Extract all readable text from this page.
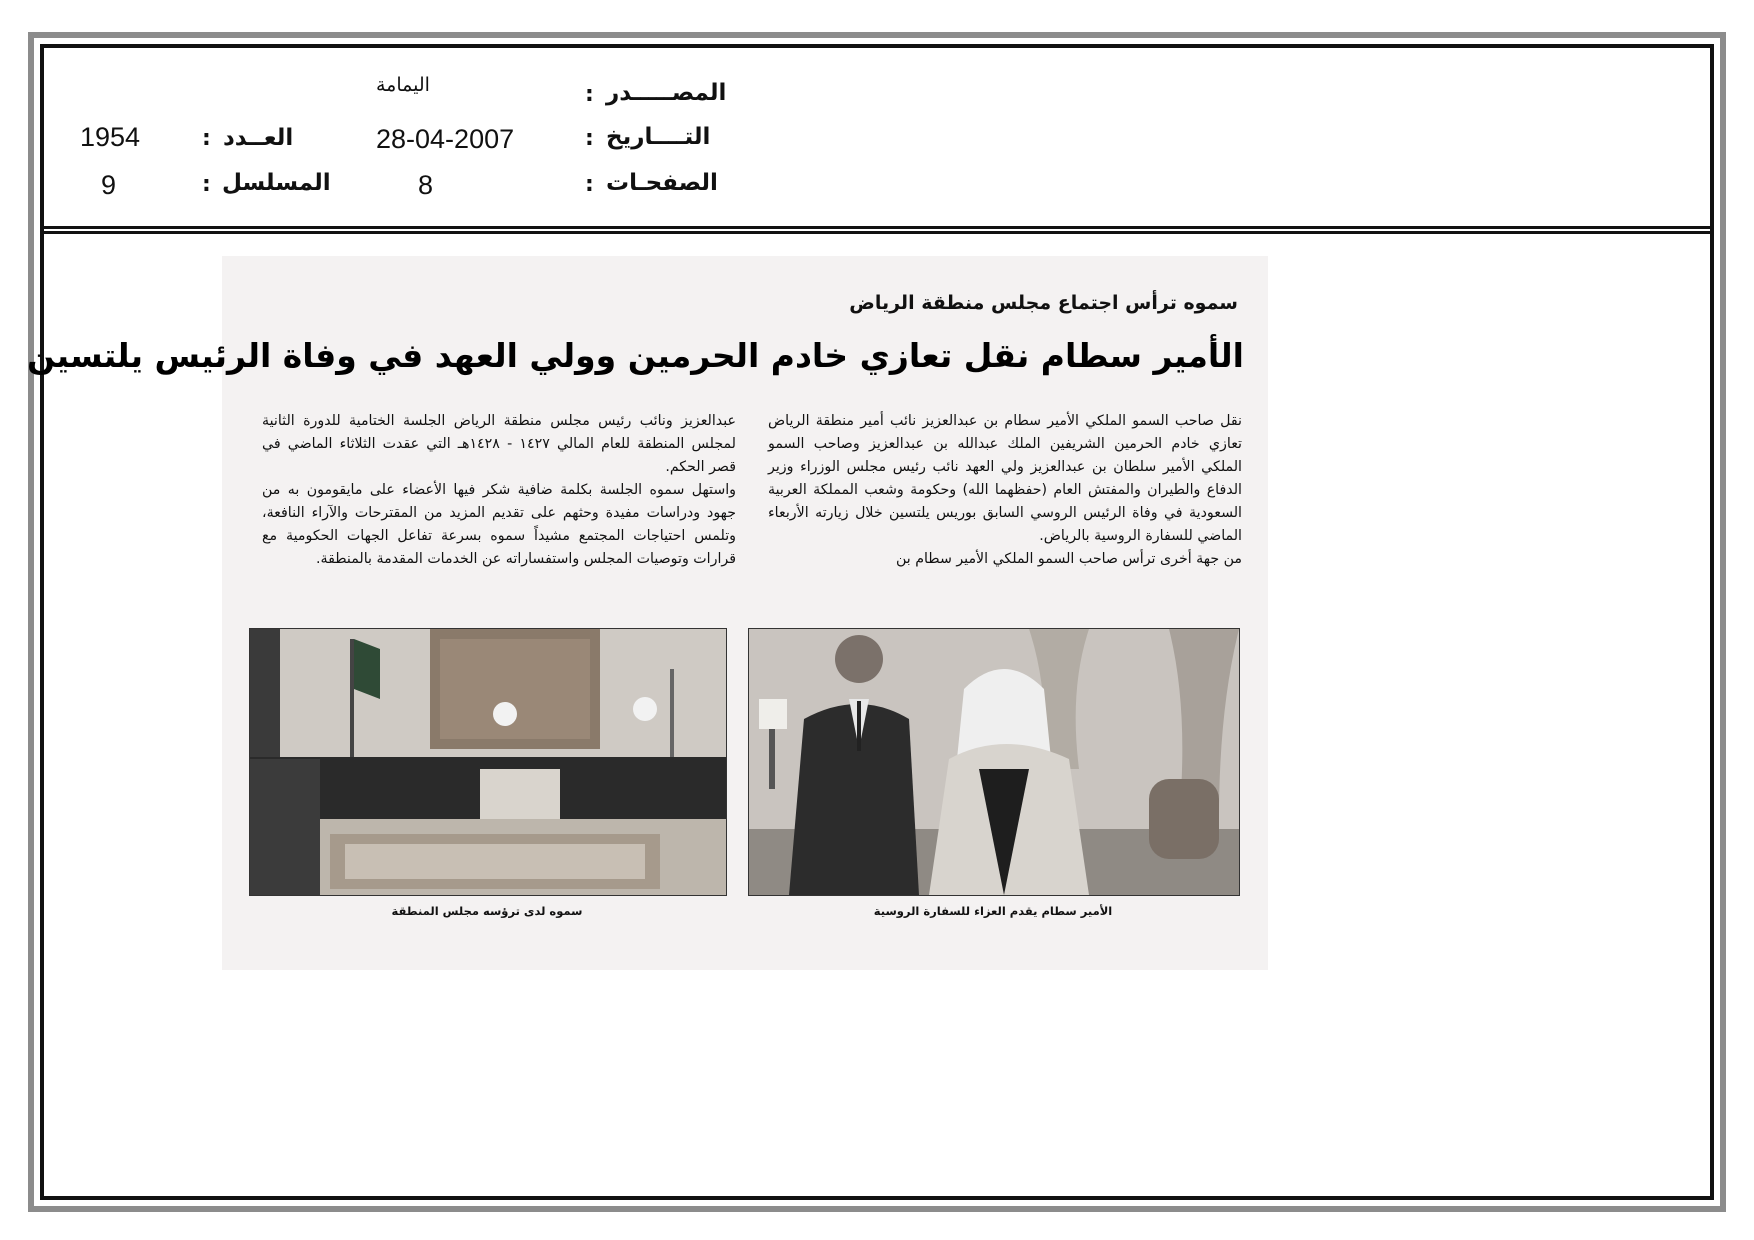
اليمامة	المصـــــدر
:
1954	: العــدد	28-04-2007	: التــــاريخ
9	: المسلسل	8	: الصفحـات
سموه ترأس اجتماع مجلس منطقة الرياض
الأمير سطام نقل تعازي خادم الحرمين وولي العهد في وفاة الرئيس يلتسين

نقل صاحب السمو الملكي الأمير سطام بن عبدالعزيز نائب أمير منطقة الرياض تعازي خادم الحرمين الشريفين الملك عبدالله بن عبدالعزيز وصاحب السمو الملكي الأمير سلطان بن عبدالعزيز ولي العهد نائب رئيس مجلس الوزراء وزير الدفاع والطيران والمفتش العام (حفظهما الله) وحكومة وشعب المملكة العربية السعودية في وفاة الرئيس الروسي السابق بوريس يلتسين خلال زيارته الأربعاء الماضي للسفارة الروسية بالرياض.

من جهة أخرى ترأس صاحب السمو الملكي الأمير سطام بن

عبدالعزيز ونائب رئيس مجلس منطقة الرياض الجلسة الختامية للدورة الثانية لمجلس المنطقة للعام المالي ١٤٢٧ - ١٤٢٨هـ التي عقدت الثلاثاء الماضي في قصر الحكم.

واستهل سموه الجلسة بكلمة ضافية شكر فيها الأعضاء على مايقومون به من جهود ودراسات مفيدة وحثهم على تقديم المزيد من المقترحات والآراء النافعة، وتلمس احتياجات المجتمع مشيداً سموه بسرعة تفاعل الجهات الحكومية مع قرارات وتوصيات المجلس واستفساراته عن الخدمات المقدمة بالمنطقة.

الأمير سطام يقدم العزاء للسفارة الروسية
سموه لدى ترؤسه مجلس المنطقة
